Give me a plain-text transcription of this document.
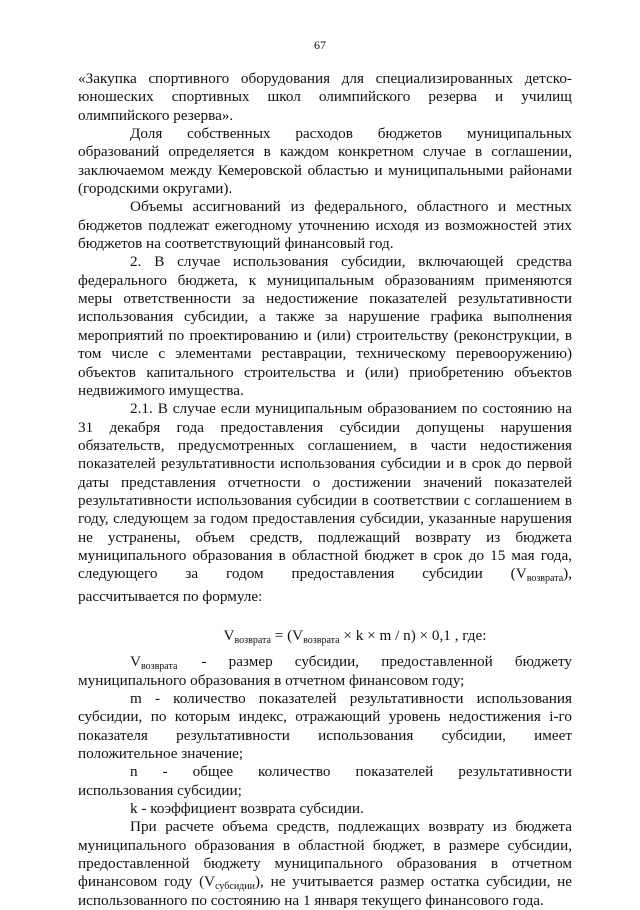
67

«Закупка спортивного оборудования для специализированных детско-юношеских спортивных школ олимпийского резерва и училищ олимпийского резерва».

Доля собственных расходов бюджетов муниципальных образований определяется в каждом конкретном случае в соглашении, заключаемом между Кемеровской областью и муниципальными районами (городскими округами).

Объемы ассигнований из федерального, областного и местных бюджетов подлежат ежегодному уточнению исходя из возможностей этих бюджетов на соответствующий финансовый год.

2. В случае использования субсидии, включающей средства федерального бюджета, к муниципальным образованиям применяются меры ответственности за недостижение показателей результативности использования субсидии, а также за нарушение графика выполнения мероприятий по проектированию и (или) строительству (реконструкции, в том числе с элементами реставрации, техническому перевооружению) объектов капитального строительства и (или) приобретению объектов недвижимого имущества.

2.1. В случае если муниципальным образованием по состоянию на 31 декабря года предоставления субсидии допущены нарушения обязательств, предусмотренных соглашением, в части недостижения показателей результативности использования субсидии и в срок до первой даты представления отчетности о достижении значений показателей результативности использования субсидии в соответствии с соглашением в году, следующем за годом предоставления субсидии, указанные нарушения не устранены, объем средств, подлежащий возврату из бюджета муниципального образования в областной бюджет в срок до 15 мая года, следующего за годом предоставления субсидии $(V_{возврата})$,

рассчитывается по формуле:

$V_{возврата} = (V_{возврата} \times k \times m / n) \times 0,1$ , где:

$V_{возврата}$ - размер субсидии, предоставленной бюджету

муниципального образования в отчетном финансовом году;

m - количество показателей результативности использования субсидии, по которым индекс, отражающий уровень недостижения i-го показателя результативности использования субсидии, имеет положительное значение;

n - общее количество показателей результативности

использования субсидии;

k - коэффициент возврата субсидии.

При расчете объема средств, подлежащих возврату из бюджета муниципального образования в областной бюджет, в размере субсидии, предоставленной бюджету муниципального образования в отчетном финансовом году $(V_{субсидии})$, не учитывается размер остатка субсидии, не использованного по состоянию на 1 января текущего финансового года.
